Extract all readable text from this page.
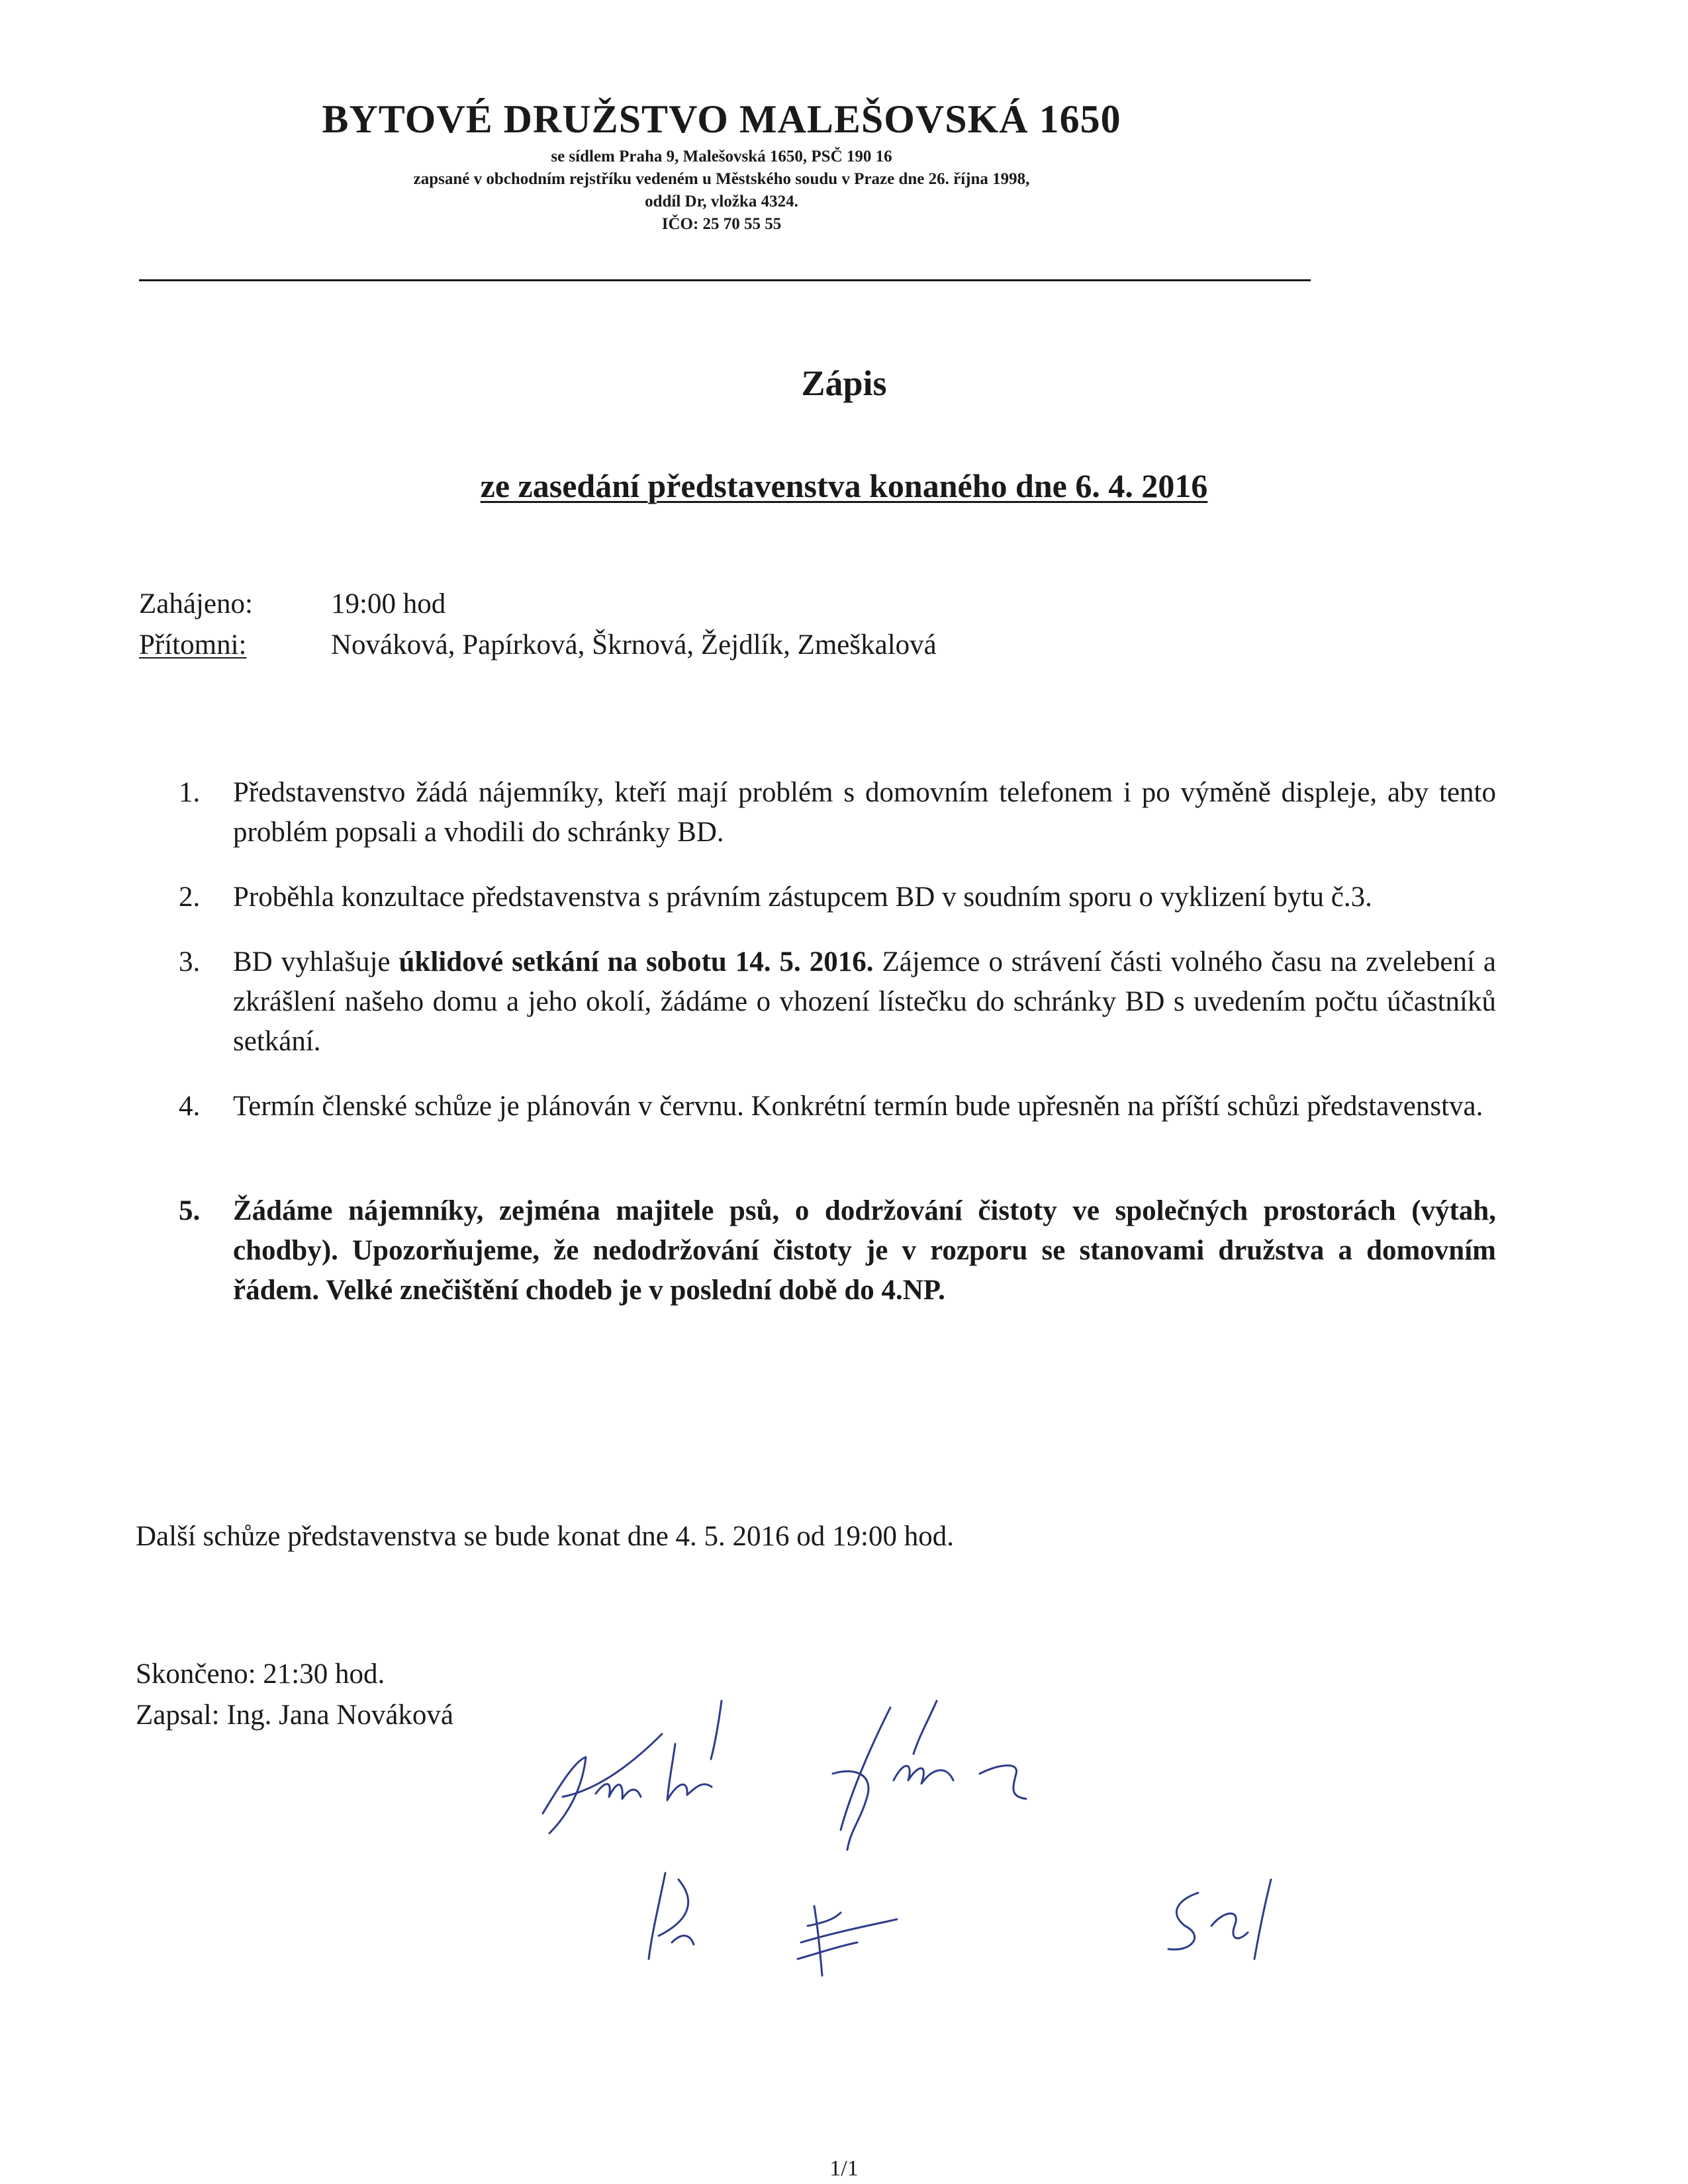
BYTOVÉ DRUŽSTVO MALEŠOVSKÁ 1650
se sídlem Praha 9, Malešovská 1650, PSČ 190 16
zapsané v obchodním rejstříku vedeném u Městského soudu v Praze dne 26. října 1998,
oddíl Dr, vložka 4324.
IČO: 25 70 55 55
Zápis
ze zasedání představenstva konaného dne 6. 4. 2016
Zahájeno:	19:00 hod
Přítomni:	Nováková, Papírková, Škrnová, Žejdlík, Zmeškalová
1. Představenstvo žádá nájemníky, kteří mají problém s domovním telefonem i po výměně displeje, aby tento problém popsali a vhodili do schránky BD.
2. Proběhla konzultace představenstva s právním zástupcem BD v soudním sporu o vyklizení bytu č.3.
3. BD vyhlašuje úklidové setkání na sobotu 14. 5. 2016. Zájemce o strávení části volného času na zvelebení a zkrášlení našeho domu a jeho okolí, žádáme o vhození lístečku do schránky BD s uvedením počtu účastníků setkání.
4. Termín členské schůze je plánován v červnu. Konkrétní termín bude upřesněn na příští schůzi představenstva.
5. Žádáme nájemníky, zejména majitele psů, o dodržování čistoty ve společných prostorách (výtah, chodby). Upozorňujeme, že nedodržování čistoty je v rozporu se stanovami družstva a domovním řádem. Velké znečištění chodeb je v poslední době do 4.NP.
Další schůze představenstva se bude konat dne 4. 5. 2016 od 19:00 hod.
Skončeno: 21:30 hod.
Zapsal: Ing. Jana Nováková
1/1
